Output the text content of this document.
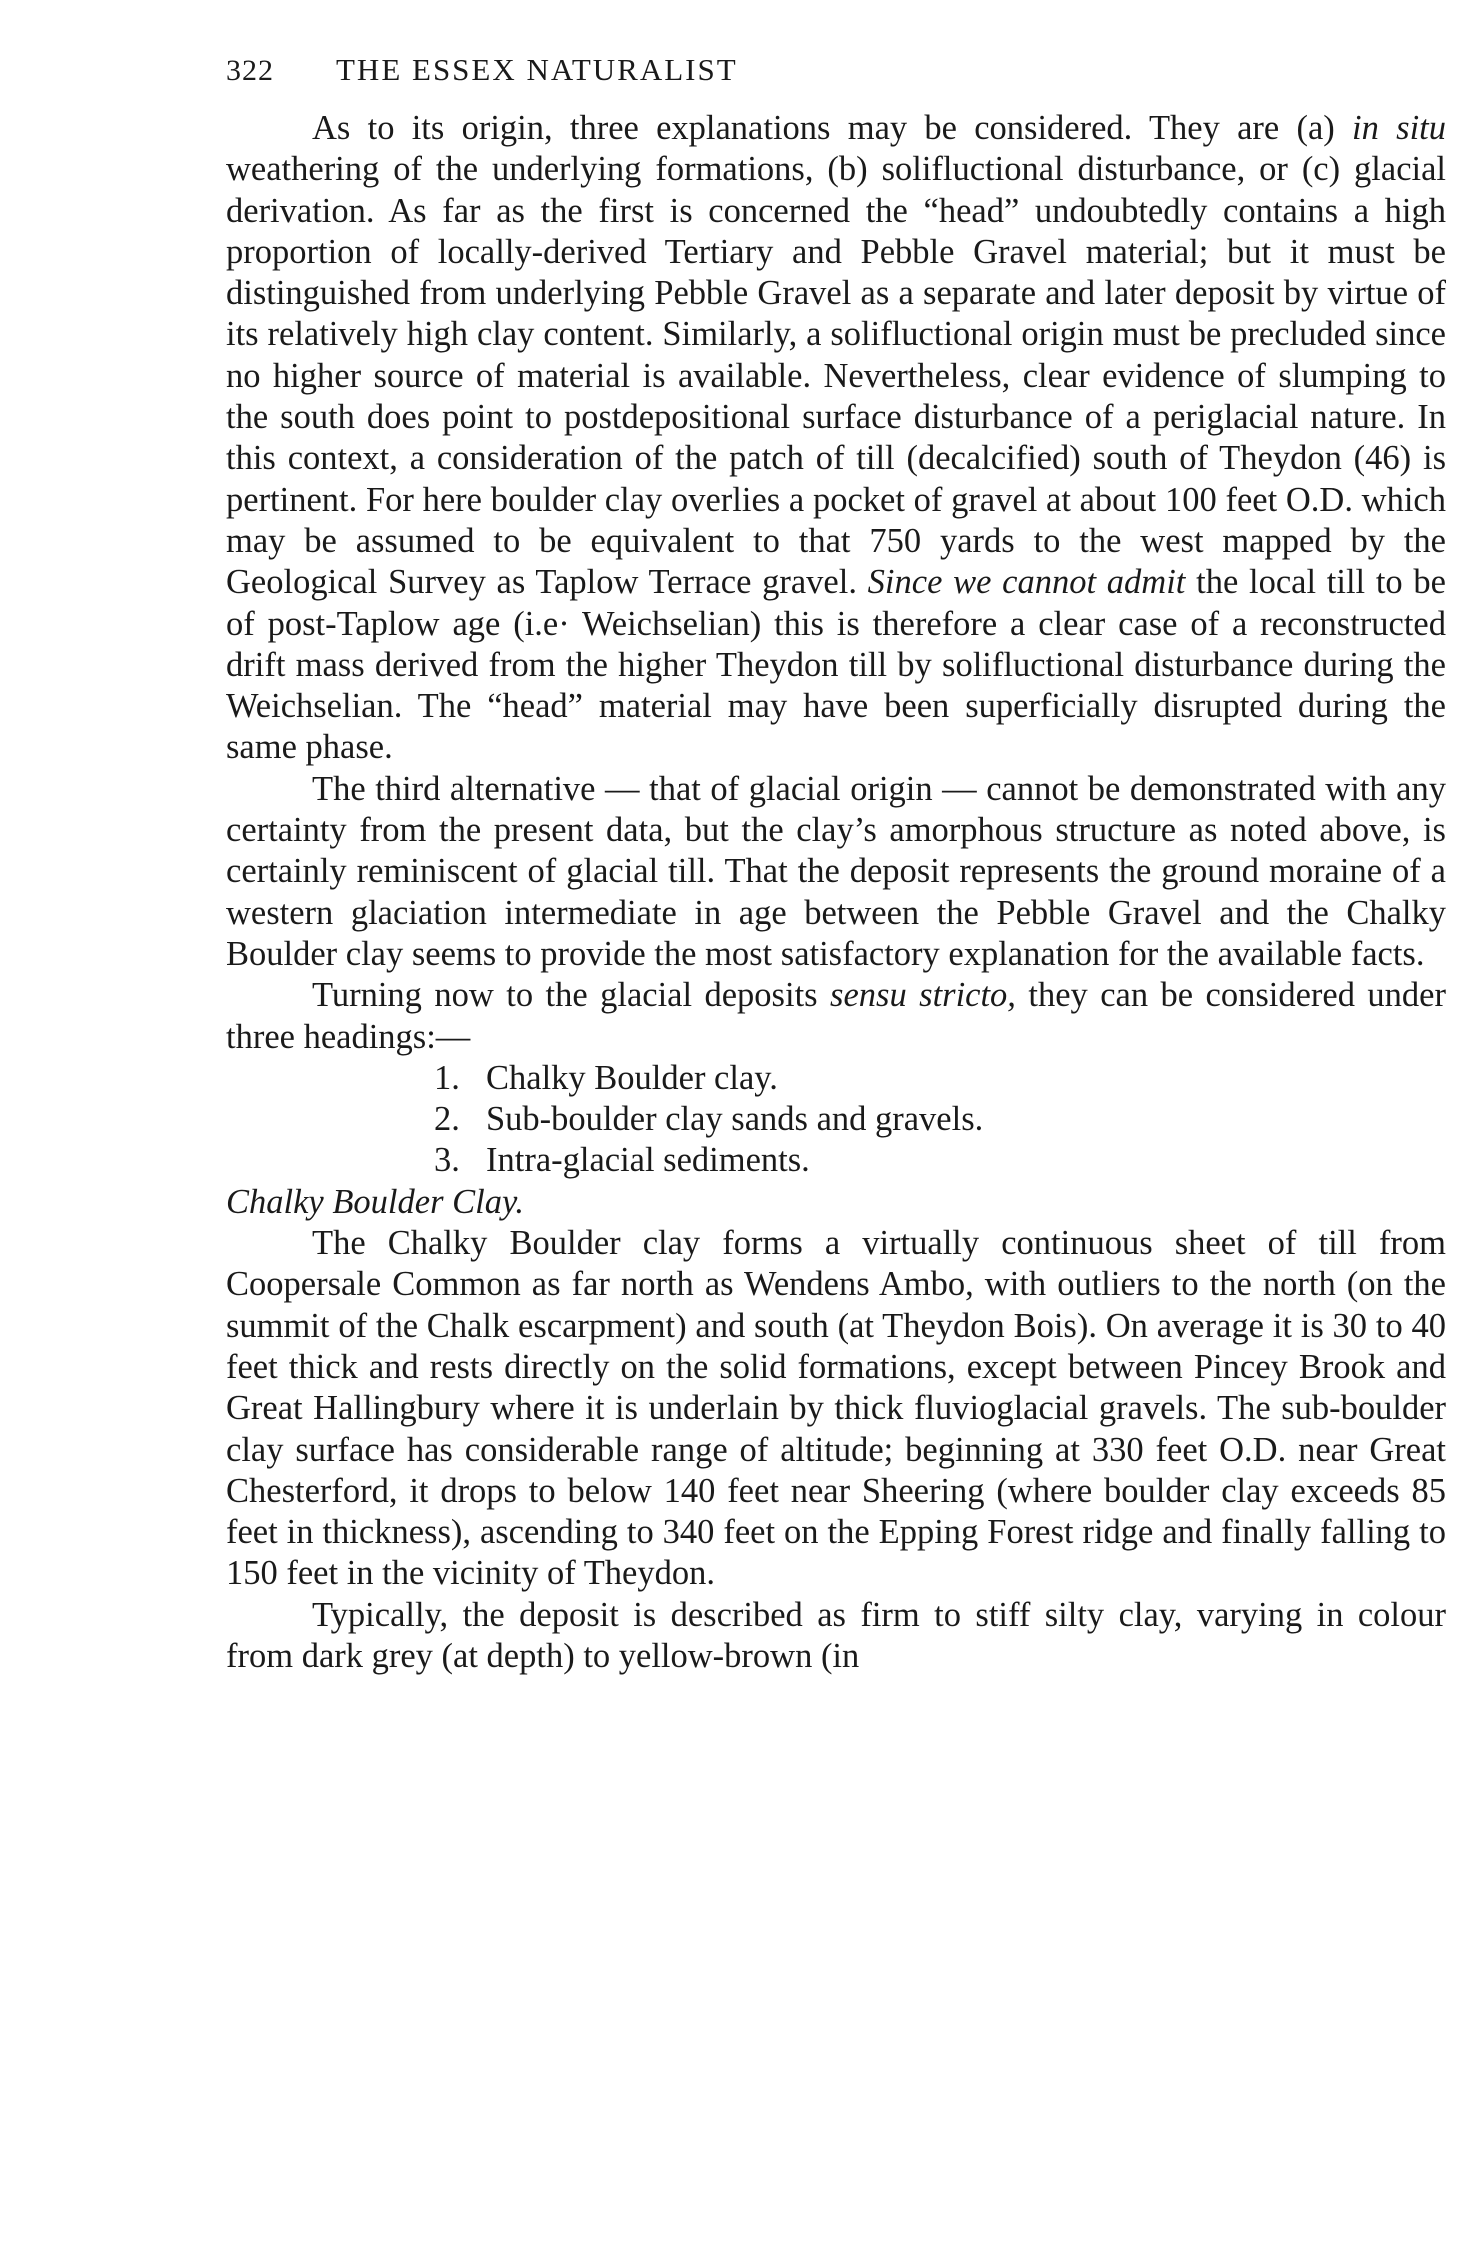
322	THE ESSEX NATURALIST

As to its origin, three explanations may be considered. They are (a) in situ weathering of the underlying formations, (b) solifluctional disturbance, or (c) glacial derivation. As far as the first is concerned the “head” undoubtedly contains a high proportion of locally-derived Tertiary and Pebble Gravel material; but it must be distinguished from underlying Pebble Gravel as a separate and later deposit by virtue of its relatively high clay content. Similarly, a solifluctional origin must be precluded since no higher source of material is available. Nevertheless, clear evidence of slumping to the south does point to postdepositional surface disturbance of a periglacial nature. In this context, a consideration of the patch of till (decalcified) south of Theydon (46) is pertinent. For here boulder clay overlies a pocket of gravel at about 100 feet O.D. which may be assumed to be equivalent to that 750 yards to the west mapped by the Geological Survey as Taplow Terrace gravel. Since we cannot admit the local till to be of post-Taplow age (i.e· Weichselian) this is therefore a clear case of a reconstructed drift mass derived from the higher Theydon till by solifluctional disturbance during the Weichselian. The “head” material may have been superficially disrupted during the same phase.

The third alternative — that of glacial origin — cannot be demonstrated with any certainty from the present data, but the clay’s amorphous structure as noted above, is certainly reminiscent of glacial till. That the deposit represents the ground moraine of a western glaciation intermediate in age between the Pebble Gravel and the Chalky Boulder clay seems to provide the most satisfactory explanation for the available facts.

Turning now to the glacial deposits sensu stricto, they can be considered under three headings:—

1. Chalky Boulder clay.
2. Sub-boulder clay sands and gravels.
3. Intra-glacial sediments.

Chalky Boulder Clay.

The Chalky Boulder clay forms a virtually continuous sheet of till from Coopersale Common as far north as Wendens Ambo, with outliers to the north (on the summit of the Chalk escarpment) and south (at Theydon Bois). On average it is 30 to 40 feet thick and rests directly on the solid formations, except between Pincey Brook and Great Hallingbury where it is underlain by thick fluvioglacial gravels. The sub-boulder clay surface has considerable range of altitude; beginning at 330 feet O.D. near Great Chesterford, it drops to below 140 feet near Sheering (where boulder clay exceeds 85 feet in thickness), ascending to 340 feet on the Epping Forest ridge and finally falling to 150 feet in the vicinity of Theydon.

Typically, the deposit is described as firm to stiff silty clay, varying in colour from dark grey (at depth) to yellow-brown (in
